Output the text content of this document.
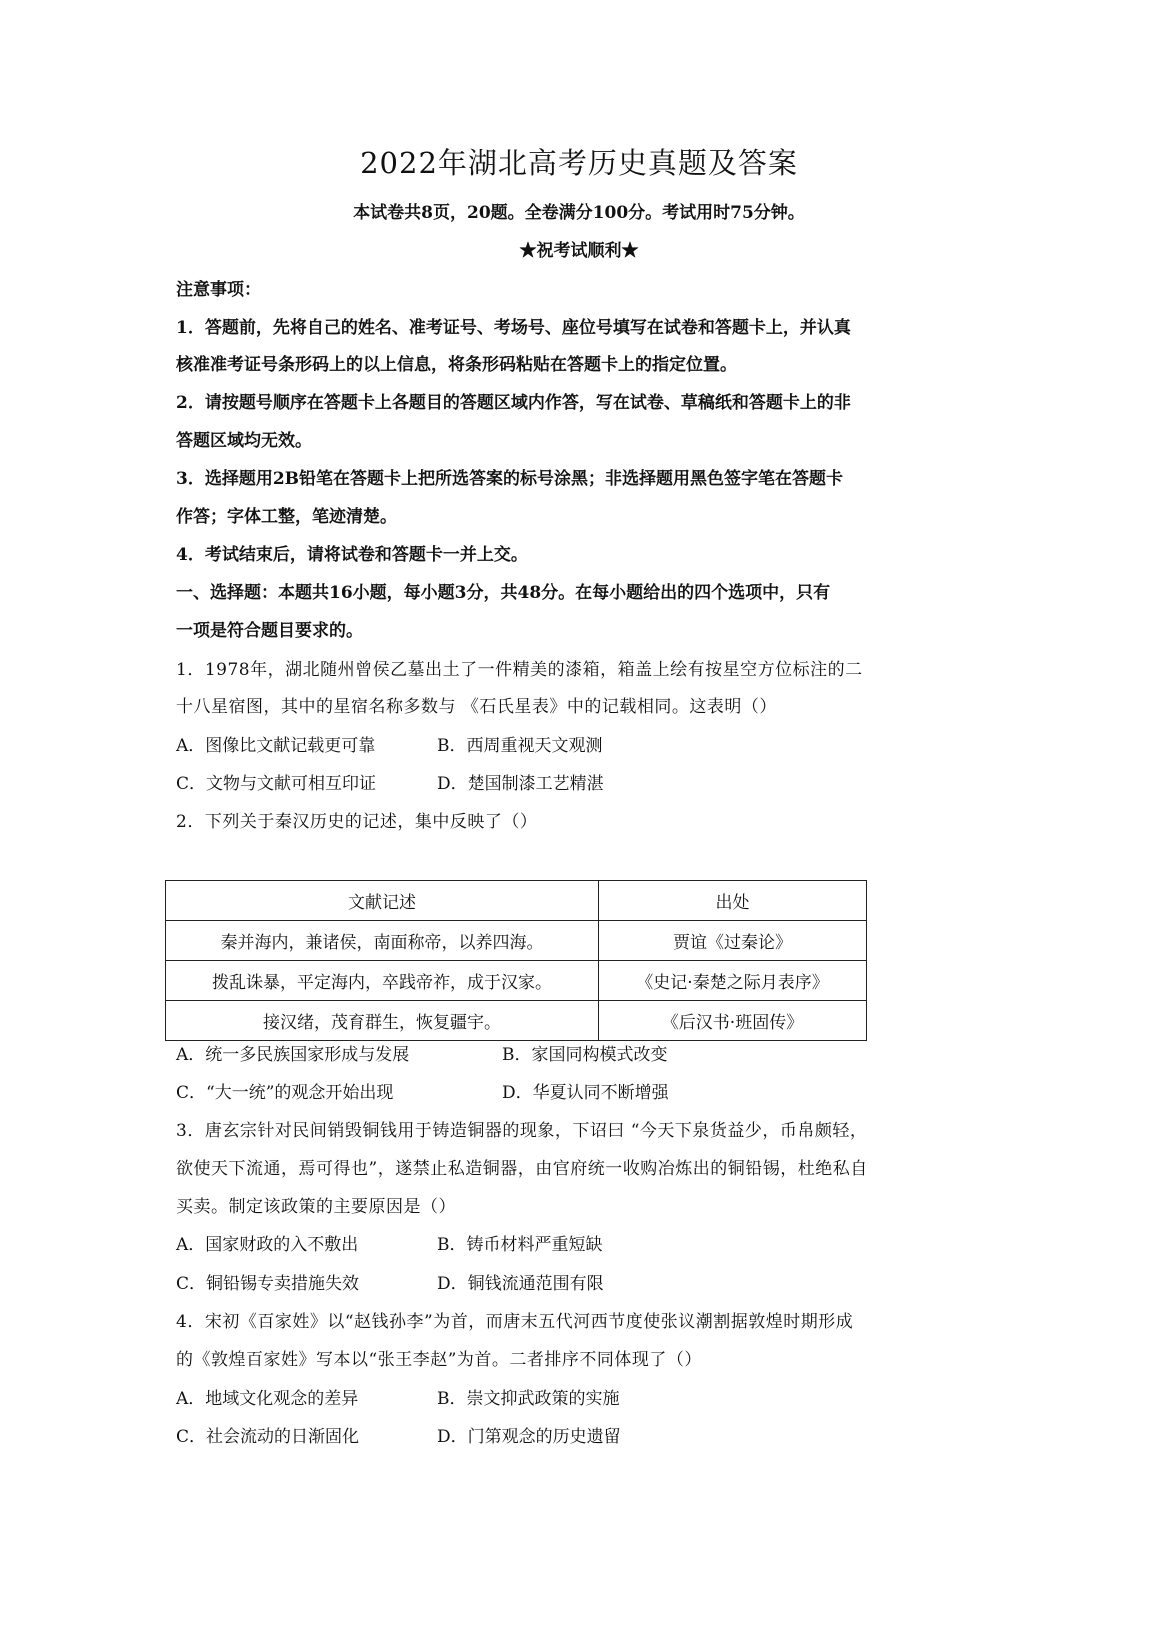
2022年湖北高考历史真题及答案
本试卷共8页，20题。全卷满分100分。考试用时75分钟。
★祝考试顺利★
注意事项：
1．答题前，先将自己的姓名、准考证号、考场号、座位号填写在试卷和答题卡上，并认真
核准准考证号条形码上的以上信息，将条形码粘贴在答题卡上的指定位置。
2．请按题号顺序在答题卡上各题目的答题区域内作答，写在试卷、草稿纸和答题卡上的非
答题区域均无效。
3．选择题用2B铅笔在答题卡上把所选答案的标号涂黑；非选择题用黑色签字笔在答题卡
作答；字体工整，笔迹清楚。
4．考试结束后，请将试卷和答题卡一并上交。
一、选择题：本题共16小题，每小题3分，共48分。在每小题给出的四个选项中，只有
一项是符合题目要求的。
1．1978年，湖北随州曾侯乙墓出土了一件精美的漆箱，箱盖上绘有按星空方位标注的二
十八星宿图，其中的星宿名称多数与 《石氏星表》中的记载相同。这表明（）
A．图像比文献记载更可靠	B．西周重视天文观测
C．文物与文献可相互印证	D．楚国制漆工艺精湛
2．下列关于秦汉历史的记述，集中反映了（）
文献记述	出处
秦并海内，兼诸侯，南面称帝，以养四海。	贾谊《过秦论》
拨乱诛暴，平定海内，卒践帝祚，成于汉家。	《史记·秦楚之际月表序》
接汉绪，茂育群生，恢复疆宇。	《后汉书·班固传》
A．统一多民族国家形成与发展	B．家国同构模式改变
C．“大一统”的观念开始出现	D．华夏认同不断增强
3．唐玄宗针对民间销毁铜钱用于铸造铜器的现象，下诏曰 “今天下泉货益少，币帛颇轻，
欲使天下流通，焉可得也”，遂禁止私造铜器，由官府统一收购冶炼出的铜铅锡，杜绝私自
买卖。制定该政策的主要原因是（）
A．国家财政的入不敷出	B．铸币材料严重短缺
C．铜铅锡专卖措施失效	D．铜钱流通范围有限
4．宋初《百家姓》以“赵钱孙李”为首，而唐末五代河西节度使张议潮割据敦煌时期形成
的《敦煌百家姓》写本以“张王李赵”为首。二者排序不同体现了（）
A．地域文化观念的差异	B．崇文抑武政策的实施
C．社会流动的日渐固化	D．门第观念的历史遗留
